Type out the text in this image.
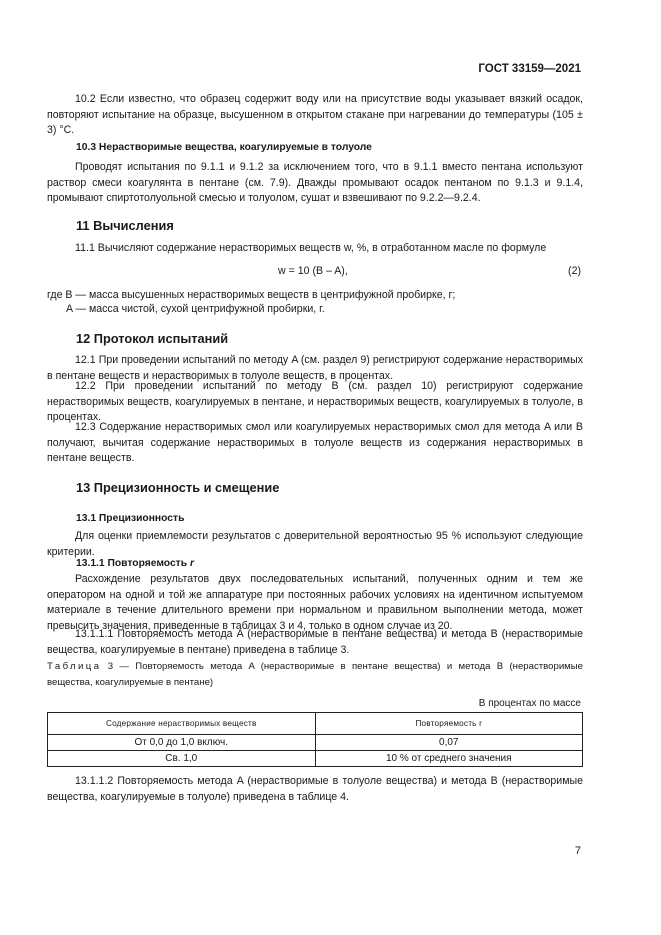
ГОСТ 33159—2021
10.2 Если известно, что образец содержит воду или на присутствие воды указывает вязкий осадок, повторяют испытание на образце, высушенном в открытом стакане при нагревании до температуры (105 ± 3) °C.
10.3 Нерастворимые вещества, коагулируемые в толуоле
Проводят испытания по 9.1.1 и 9.1.2 за исключением того, что в 9.1.1 вместо пентана используют раствор смеси коагулянта в пентане (см. 7.9). Дважды промывают осадок пентаном по 9.1.3 и 9.1.4, промывают спиртотолуольной смесью и толуолом, сушат и взвешивают по 9.2.2—9.2.4.
11 Вычисления
11.1 Вычисляют содержание нерастворимых веществ w, %, в отработанном масле по формуле
w = 10 (B – A),	(2)
где B — масса высушенных нерастворимых веществ в центрифужной пробирке, г;
A — масса чистой, сухой центрифужной пробирки, г.
12 Протокол испытаний
12.1 При проведении испытаний по методу A (см. раздел 9) регистрируют содержание нерастворимых в пентане веществ и нерастворимых в толуоле веществ, в процентах.
12.2 При проведении испытаний по методу B (см. раздел 10) регистрируют содержание нерастворимых веществ, коагулируемых в пентане, и нерастворимых веществ, коагулируемых в толуоле, в процентах.
12.3 Содержание нерастворимых смол или коагулируемых нерастворимых смол для метода A или B получают, вычитая содержание нерастворимых в толуоле веществ из содержания нерастворимых в пентане веществ.
13 Прецизионность и смещение
13.1 Прецизионность
Для оценки приемлемости результатов с доверительной вероятностью 95 % используют следующие критерии.
13.1.1 Повторяемость r
Расхождение результатов двух последовательных испытаний, полученных одним и тем же оператором на одной и той же аппаратуре при постоянных рабочих условиях на идентичном испытуемом материале в течение длительного времени при нормальном и правильном выполнении метода, может превысить значения, приведенные в таблицах 3 и 4, только в одном случае из 20.
13.1.1.1 Повторяемость метода A (нерастворимые в пентане вещества) и метода B (нерастворимые вещества, коагулируемые в пентане) приведена в таблице 3.
Таблица 3 — Повторяемость метода A (нерастворимые в пентане вещества) и метода B (нерастворимые вещества, коагулируемые в пентане)
В процентах по массе
Содержание нерастворимых веществ	Повторяемость r
От 0,0 до 1,0 включ.	0,07
Св. 1,0	10 % от среднего значения
13.1.1.2 Повторяемость метода A (нерастворимые в толуоле вещества) и метода B (нерастворимые вещества, коагулируемые в толуоле) приведена в таблице 4.
7
